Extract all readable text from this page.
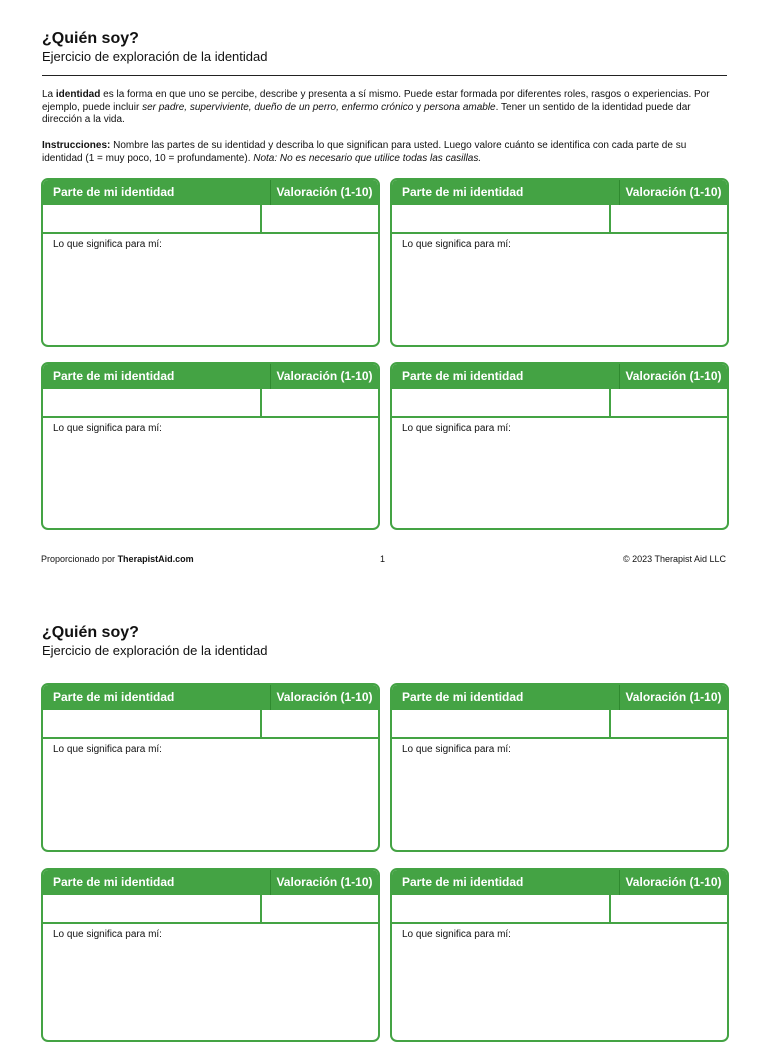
¿Quién soy?
Ejercicio de exploración de la identidad
La identidad es la forma en que uno se percibe, describe y presenta a sí mismo. Puede estar formada por diferentes roles, rasgos o experiencias. Por ejemplo, puede incluir ser padre, superviviente, dueño de un perro, enfermo crónico y persona amable. Tener un sentido de la identidad puede dar dirección a la vida.
Instrucciones: Nombre las partes de su identidad y describa lo que significan para usted. Luego valore cuánto se identifica con cada parte de su identidad (1 = muy poco, 10 = profundamente). Nota: No es necesario que utilice todas las casillas.
Parte de mi identidad	Valoración (1-10)
Lo que significa para mí:
Parte de mi identidad	Valoración (1-10)
Lo que significa para mí:
Parte de mi identidad	Valoración (1-10)
Lo que significa para mí:
Parte de mi identidad	Valoración (1-10)
Lo que significa para mí:
Proporcionado por TherapistAid.com	1	© 2023 Therapist Aid LLC
¿Quién soy?
Ejercicio de exploración de la identidad
Parte de mi identidad	Valoración (1-10)
Lo que significa para mí:
Parte de mi identidad	Valoración (1-10)
Lo que significa para mí:
Parte de mi identidad	Valoración (1-10)
Lo que significa para mí:
Parte de mi identidad	Valoración (1-10)
Lo que significa para mí:
